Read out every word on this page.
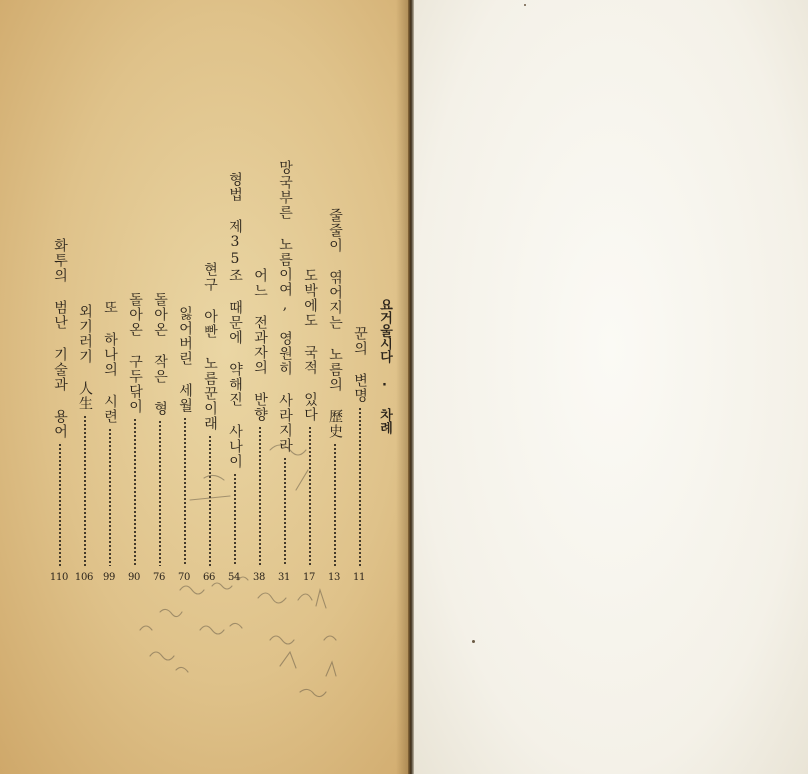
요거울시다 · 차례
꾼의 변명
11
줄줄이 엮어지는 노름의 歷史
13
도박에도 국적 있다
17
망국부른 노름이여, 영원히 사라지라
31
어느 전과자의 반향
38
형법 제35조 때문에 약해진 사나이
54
현구 아빤 노름꾼이래
66
잃어버린 세월
70
돌아온 작은 형
76
돌아온 구두닦이
90
또 하나의 시련
99
외기러기 人生
106
화투의 범난 기술과 용어
110
